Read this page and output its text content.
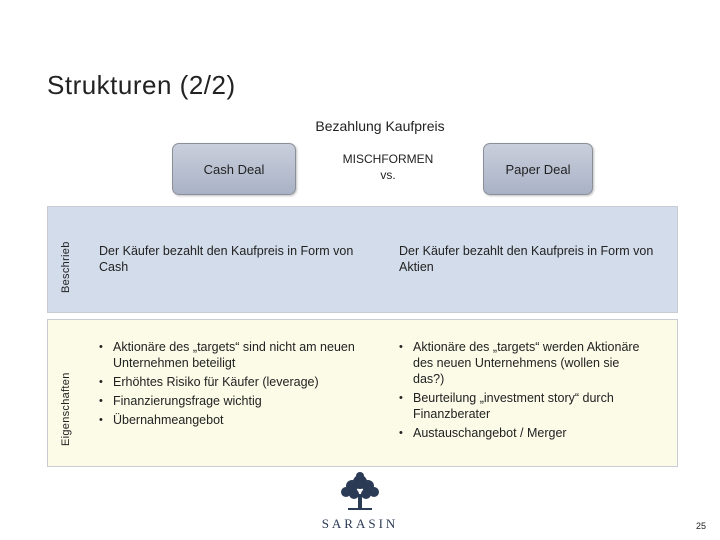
Strukturen (2/2)
Bezahlung Kaufpreis
Cash Deal
MISCHFORMEN
vs.	Paper Deal
Beschrieb
Eigenschaften
Der Käufer bezahlt den Kaufpreis in Form von Cash
Der Käufer bezahlt den Kaufpreis in Form von Aktien
• Aktionäre des „targets“ sind nicht am neuen Unternehmen beteiligt
• Erhöhtes Risiko für Käufer (leverage)
• Finanzierungsfrage wichtig
• Übernahmeangebot
• Aktionäre des „targets“ werden Aktionäre des neuen Unternehmens (wollen sie das?)
• Beurteilung „investment story“ durch Finanzberater
• Austauschangebot / Merger
SARASIN	25
